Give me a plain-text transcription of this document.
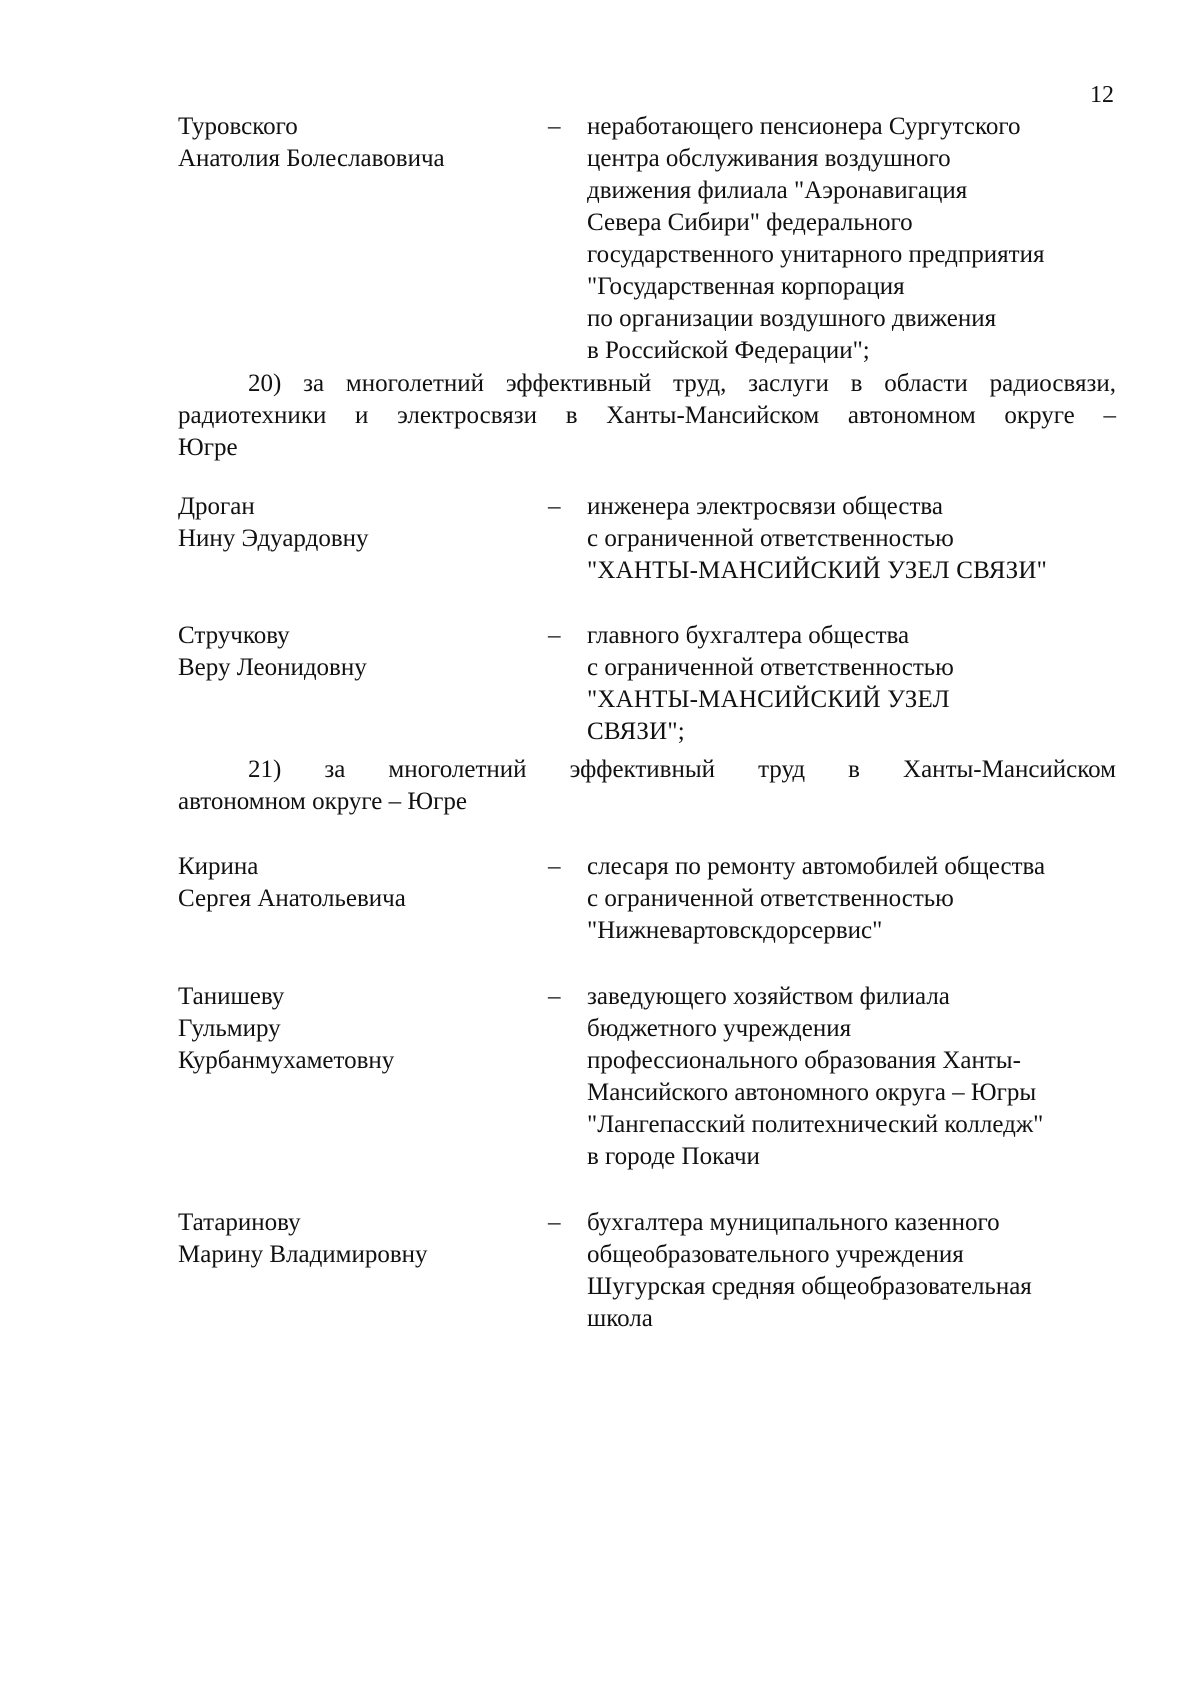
12
Туровского
Анатолия Болеславовича
– неработающего пенсионера Сургутского
центра обслуживания воздушного
движения филиала "Аэронавигация
Севера Сибири" федерального
государственного унитарного предприятия
"Государственная корпорация
по организации воздушного движения
в Российской Федерации";
20) за многолетний эффективный труд, заслуги в области радиосвязи,
радиотехники и электросвязи в Ханты-Мансийском автономном округе –
Югре
Дроган
Нину Эдуардовну
– инженера электросвязи общества
с ограниченной ответственностью
"ХАНТЫ-МАНСИЙСКИЙ УЗЕЛ СВЯЗИ"
Стручкову
Веру Леонидовну
– главного бухгалтера общества
с ограниченной ответственностью
"ХАНТЫ-МАНСИЙСКИЙ УЗЕЛ
СВЯЗИ";
21) за многолетний эффективный труд в Ханты-Мансийском
автономном округе – Югре
Кирина
Сергея Анатольевича
– слесаря по ремонту автомобилей общества
с ограниченной ответственностью
"Нижневартовскдорсервис"
Танишеву
Гульмиру
Курбанмухаметовну
– заведующего хозяйством филиала
бюджетного учреждения
профессионального образования Ханты-
Мансийского автономного округа – Югры
"Лангепасский политехнический колледж"
в городе Покачи
Татаринову
Марину Владимировну
– бухгалтера муниципального казенного
общеобразовательного учреждения
Шугурская средняя общеобразовательная
школа
